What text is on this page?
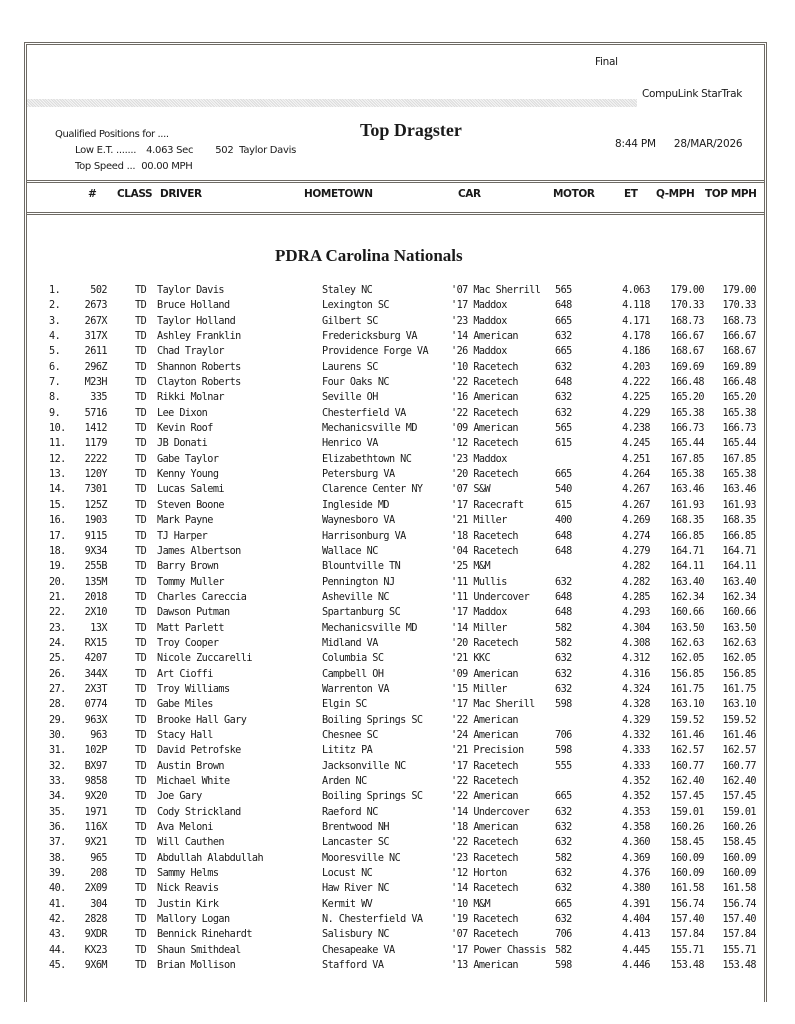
Final
CompuLink StarTrak
Top Dragster
Qualified Positions for ....
Low E.T. ....... 4.063 Sec 502 Taylor Davis
Top Speed ... 00.00 MPH
8:44 PM 28/MAR/2026
# CLASS DRIVER	HOMETOWN	CAR	MOTOR	ET Q-MPH TOP MPH
PDRA Carolina Nationals
1.	502	TD Taylor Davis	Staley NC	'07 Mac Sherrill 565	4.063	179.00	179.00
2.	2673	TD Bruce Holland	Lexington SC	'17 Maddox	648	4.118	170.33	170.33
3.	267X	TD Taylor Holland	Gilbert SC	'23 Maddox	665	4.171	168.73	168.73
4.	317X	TD Ashley Franklin	Fredericksburg VA	'14 American	632	4.178	166.67	166.67
5.	2611	TD Chad Traylor	Providence Forge VA '26 Maddox	665	4.186	168.67	168.67
6.	296Z	TD Shannon Roberts	Laurens SC	'10 Racetech	632	4.203	169.69	169.89
7.	M23H	TD Clayton Roberts	Four Oaks NC	'22 Racetech	648	4.222	166.48	166.48
8.	335	TD Rikki Molnar	Seville OH	'16 American	632	4.225	165.20	165.20
9.	5716	TD Lee Dixon	Chesterfield VA	'22 Racetech	632	4.229	165.38	165.38
10.	1412	TD Kevin Roof	Mechanicsville MD	'09 American	565	4.238	166.73	166.73
11.	1179	TD JB Donati	Henrico VA	'12 Racetech	615	4.245	165.44	165.44
12.	2222	TD Gabe Taylor	Elizabethtown NC	'23 Maddox	4.251	167.85	167.85
13.	120Y	TD Kenny Young	Petersburg VA	'20 Racetech	665	4.264	165.38	165.38
14.	7301	TD Lucas Salemi	Clarence Center NY	'07 S&W	540	4.267	163.46	163.46
15.	125Z	TD Steven Boone	Ingleside MD	'17 Racecraft	615	4.267	161.93	161.93
16.	1903	TD Mark Payne	Waynesboro VA	'21 Miller	400	4.269	168.35	168.35
17.	9115	TD TJ Harper	Harrisonburg VA	'18 Racetech	648	4.274	166.85	166.85
18.	9X34	TD James Albertson	Wallace NC	'04 Racetech	648	4.279	164.71	164.71
19.	255B	TD Barry Brown	Blountville TN	'25 M&M	4.282	164.11	164.11
20.	135M	TD Tommy Muller	Pennington NJ	'11 Mullis	632	4.282	163.40	163.40
21.	2018	TD Charles Careccia	Asheville NC	'11 Undercover	648	4.285	162.34	162.34
22.	2X10	TD Dawson Putman	Spartanburg SC	'17 Maddox	648	4.293	160.66	160.66
23.	13X	TD Matt Parlett	Mechanicsville MD	'14 Miller	582	4.304	163.50	163.50
24.	RX15	TD Troy Cooper	Midland VA	'20 Racetech	582	4.308	162.63	162.63
25.	4207	TD Nicole Zuccarelli	Columbia SC	'21 KKC	632	4.312	162.05	162.05
26.	344X	TD Art Cioffi	Campbell OH	'09 American	632	4.316	156.85	156.85
27.	2X3T	TD Troy Williams	Warrenton VA	'15 Miller	632	4.324	161.75	161.75
28.	0774	TD Gabe Miles	Elgin SC	'17 Mac Sherill 598	4.328	163.10	163.10
29.	963X	TD Brooke Hall Gary	Boiling Springs SC	'22 American	4.329	159.52	159.52
30.	963	TD Stacy Hall	Chesnee SC	'24 American	706	4.332	161.46	161.46
31.	102P	TD David Petrofske	Lititz PA	'21 Precision	598	4.333	162.57	162.57
32.	BX97	TD Austin Brown	Jacksonville NC	'17 Racetech	555	4.333	160.77	160.77
33.	9858	TD Michael White	Arden NC	'22 Racetech	4.352	162.40	162.40
34.	9X20	TD Joe Gary	Boiling Springs SC	'22 American	665	4.352	157.45	157.45
35.	1971	TD Cody Strickland	Raeford NC	'14 Undercover	632	4.353	159.01	159.01
36.	116X	TD Ava Meloni	Brentwood NH	'18 American	632	4.358	160.26	160.26
37.	9X21	TD Will Cauthen	Lancaster SC	'22 Racetech	632	4.360	158.45	158.45
38.	965	TD Abdullah Alabdullah	Mooresville NC	'23 Racetech	582	4.369	160.09	160.09
39.	208	TD Sammy Helms	Locust NC	'12 Horton	632	4.376	160.09	160.09
40.	2X09	TD Nick Reavis	Haw River NC	'14 Racetech	632	4.380	161.58	161.58
41.	304	TD Justin Kirk	Kermit WV	'10 M&M	665	4.391	156.74	156.74
42.	2828	TD Mallory Logan	N. Chesterfield VA	'19 Racetech	632	4.404	157.40	157.40
43.	9XDR	TD Bennick Rinehardt	Salisbury NC	'07 Racetech	706	4.413	157.84	157.84
44.	KX23	TD Shaun Smithdeal	Chesapeake VA	'17 Power Chassis 582	4.445	155.71	155.71
45.	9X6M	TD Brian Mollison	Stafford VA	'13 American	598	4.446	153.48	153.48
